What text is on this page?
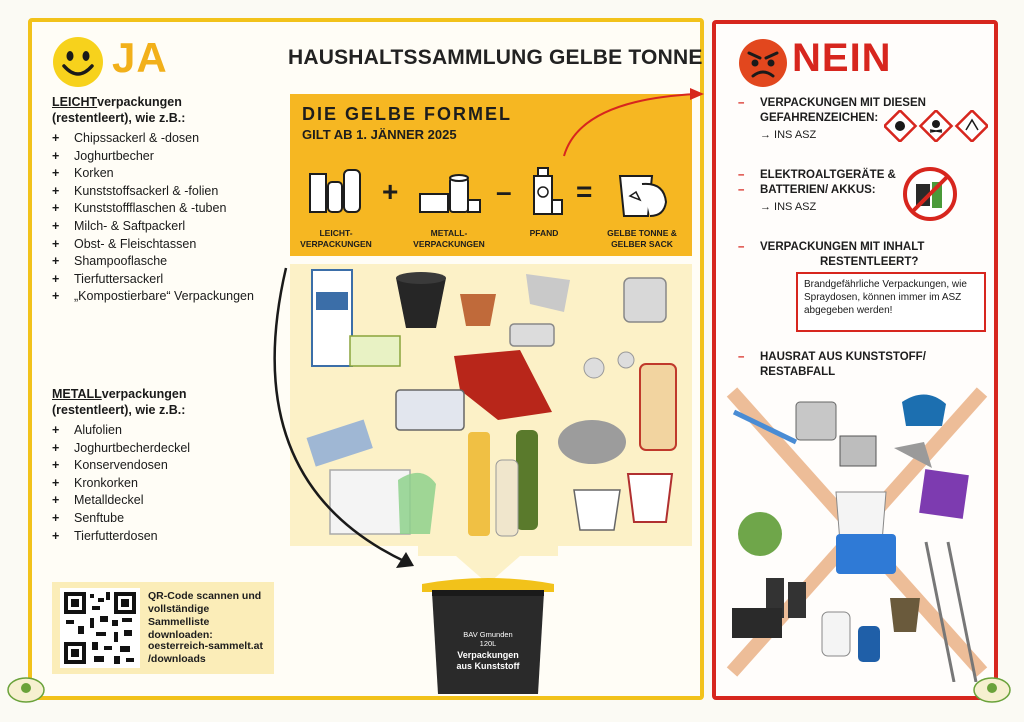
JA	HAUSHALTSSAMMLUNG GELBE TONNE
LEICHTverpackungen
(restentleert), wie z.B.:
+ Chipssackerl & -dosen
+ Joghurtbecher
+ Korken
+ Kunststoffsackerl & -folien
+ Kunststoffflaschen & -tuben
+ Milch- & Saftpackerl
+ Obst- & Fleischtassen
+ Shampooflasche
+ Tierfuttersackerl
+ „Kompostierbare“ Verpackungen
METALLverpackungen
(restentleert), wie z.B.:
+ Alufolien
+ Joghurtbecherdeckel
+ Konservendosen
+ Kronkorken
+ Metalldeckel
+ Senftube
+ Tierfutterdosen
DIE GELBE FORMEL
GILT AB 1. JÄNNER 2025
+	– =
LEICHT-
VERPACKUNGEN
METALL-
VERPACKUNGEN
PFAND	GELBE TONNE &
GELBER SACK
BAV Gmunden
120L
Verpackungen
aus Kunststoff
QR-Code scannen und vollständige Sammelliste downloaden:
oesterreich-sammelt.at /downloads
NEIN
– VERPACKUNGEN MIT DIESEN
GEFAHRENZEICHEN:
→ INS ASZ
– ELEKTROALTGERÄTE &
– BATTERIEN/ AKKUS:
→ INS ASZ
– VERPACKUNGEN MIT INHALT
RESTENTLEERT?
Brandgefährliche Verpackungen, wie Spraydosen, können immer im ASZ abgegeben werden!
– HAUSRAT AUS KUNSTSTOFF/
RESTABFALL
